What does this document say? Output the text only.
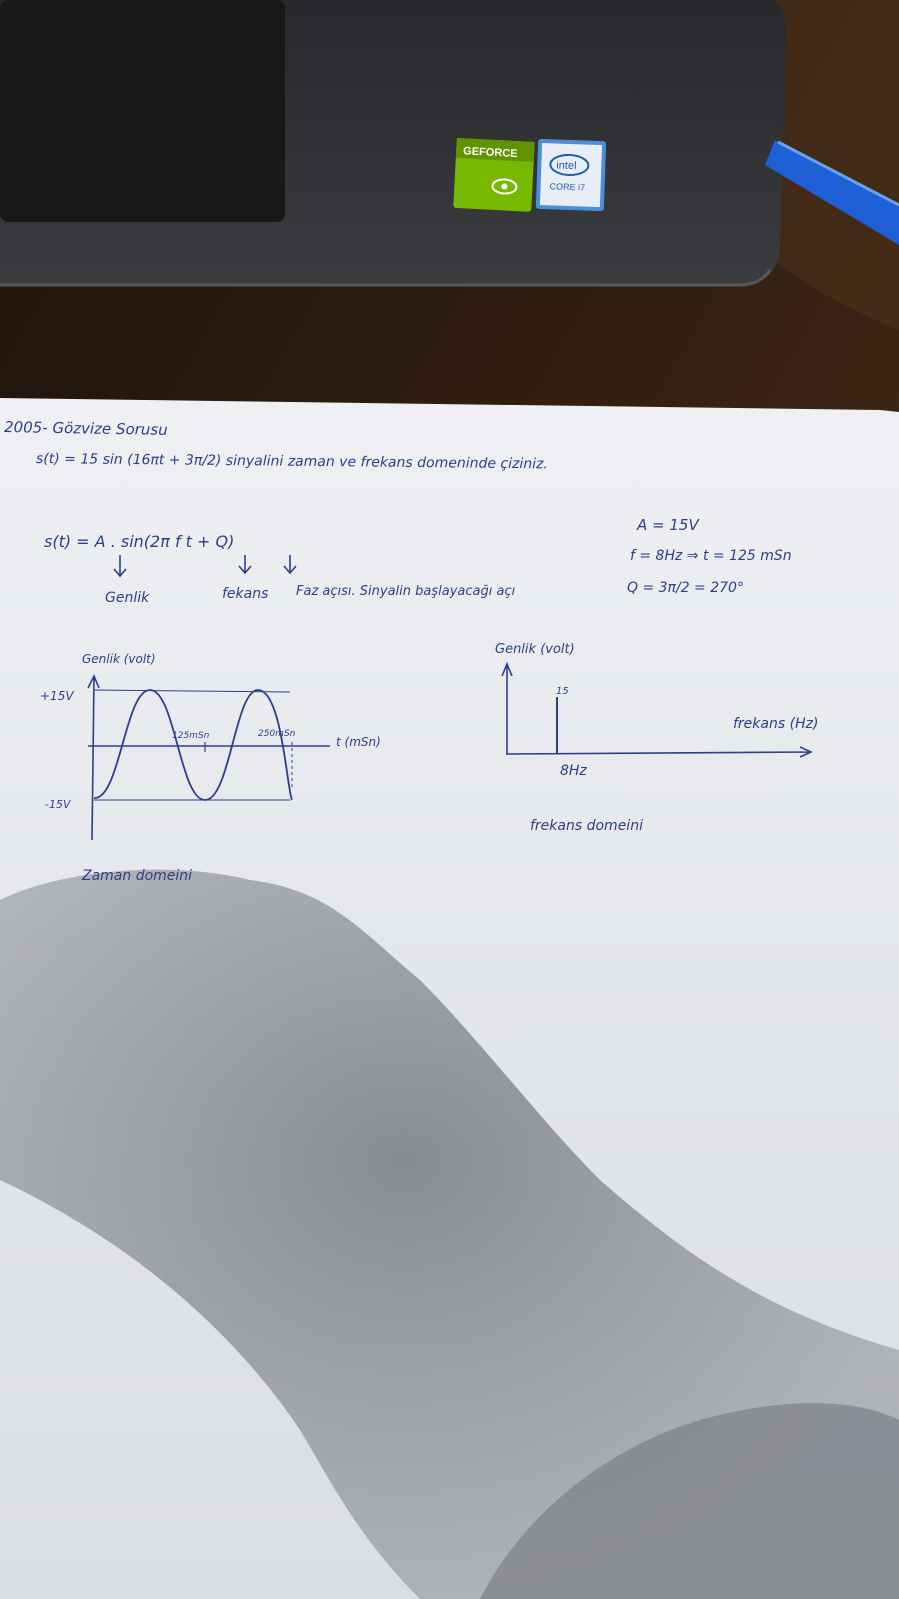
GEFORCE
intel
CORE i7
2005- Gözvize Sorusu
s(t) = 15 sin (16πt + 3π/2) sinyalini zaman ve frekans domeninde çiziniz.
s(t) = A . sin(2π f t + Q)
A = 15V
f = 8Hz ⇒ t = 125 mSn
Genlik	fekans Faz açısı. Sinyalin başlayacağı açı	Q = 3π/2 = 270°
Genlik (volt)
+15V
-15V
125mSn	250mSn
t (mSn)
Zaman domeini
Genlik (volt)
15
8Hz
frekans (Hz)
frekans domeini
